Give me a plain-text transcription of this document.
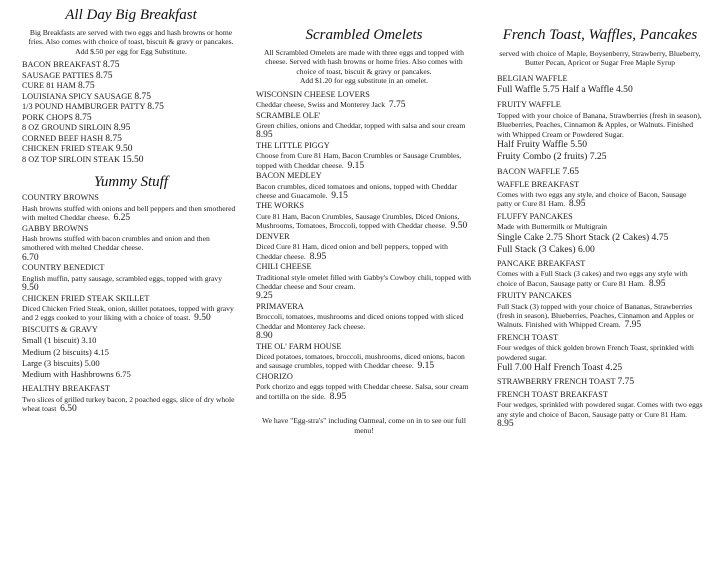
All Day Big Breakfast

Big Breakfasts are served with two eggs and hash browns or home fries. Also comes with choice of toast, biscuit & gravy or pancakes. Add $.50 per egg for Egg Substitute.

BACON BREAKFAST 8.75
SAUSAGE PATTIES 8.75
CURE 81 HAM 8.75
LOUISIANA SPICY SAUSAGE 8.75
1/3 POUND HAMBURGER PATTY 8.75
PORK CHOPS 8.75
8 OZ GROUND SIRLOIN 8.95
CORNED BEEF HASH 8.75
CHICKEN FRIED STEAK 9.50
8 OZ TOP SIRLOIN STEAK 15.50
Yummy Stuff
COUNTRY BROWNS
Hash browns stuffed with onions and bell peppers and then smothered with melted Cheddar cheese. 6.25
GABBY BROWNS
Hash browns stuffed with bacon crumbles and onion and then smothered with melted Cheddar cheese.
6.70
COUNTRY BENEDICT
English muffin, patty sausage, scrambled eggs, topped with gravy  9.50
CHICKEN FRIED STEAK SKILLET
Diced Chicken Fried Steak, onion, skillet potatoes, topped with gravy and 2 eggs cooked to your liking with a choice of toast. 9.50
BISCUITS & GRAVY
Small (1 biscuit) 3.10
Medium (2 biscuits) 4.15
Large (3 biscuits) 5.00
Medium with Hashbrowns 6.75
HEALTHY BREAKFAST
Two slices of grilled turkey bacon, 2 poached eggs, slice of dry whole wheat toast 6.50
Scrambled Omelets

All Scrambled Omelets are made with three eggs and topped with cheese. Served with hash browns or home fries. Also comes with choice of toast, biscuit & gravy or pancakes.
Add $1.20 for egg substitute in an omelet.

WISCONSIN CHEESE LOVERS
Cheddar cheese, Swiss and Monterey Jack 7.75
SCRAMBLE OLE'
Green chilies, onions and Cheddar, topped with salsa and sour cream  8.95
THE LITTLE PIGGY
Choose from Cure 81 Ham, Bacon Crumbles or Sausage Crumbles, topped with Cheddar cheese. 9.15
BACON MEDLEY
Bacon crumbles, diced tomatoes and onions, topped with Cheddar cheese and Guacamole. 9.15
THE WORKS
Cure 81 Ham, Bacon Crumbles, Sausage Crumbles, Diced Onions, Mushrooms, Tomatoes, Broccoli, topped with Cheddar cheese. 9.50
DENVER
Diced Cure 81 Ham, diced onion and bell peppers, topped with Cheddar cheese. 8.95
CHILI CHEESE
Traditional style omelet filled with Gabby's Cowboy chili, topped with Cheddar cheese and Sour cream.
9.25
PRIMAVERA
Broccoli, tomatoes, mushrooms and diced onions topped with sliced Cheddar and Monterey Jack cheese.
8.90
THE OL' FARM HOUSE
Diced potatoes, tomatoes, broccoli, mushrooms, diced onions, bacon and sausage crumbles, topped with Cheddar cheese. 9.15
CHORIZO
Pork chorizo and eggs topped with Cheddar cheese. Salsa, sour cream and tortilla on the side. 8.95

We have "Egg-stra's" including Oatmeal, come on in to see our full menu!

French Toast, Waffles, Pancakes

served with choice of Maple, Boysenberry, Strawberry, Blueberry, Butter Pecan, Apricot or Sugar Free Maple Syrup

BELGIAN WAFFLE
Full Waffle 5.75 Half a Waffle 4.50
FRUITY WAFFLE
Topped with your choice of Banana, Strawberries (fresh in season), Blueberries, Peaches, Cinnamon & Apples, or Walnuts. Finished with Whipped Cream or Powdered Sugar.
Half Fruity Waffle 5.50
Fruity Combo (2 fruits) 7.25
BACON WAFFLE 7.65
WAFFLE BREAKFAST
Comes with two eggs any style, and choice of Bacon, Sausage patty or Cure 81 Ham. 8.95
FLUFFY PANCAKES
Made with Buttermilk or Multigrain
Single Cake 2.75 Short Stack (2 Cakes) 4.75
Full Stack (3 Cakes) 6.00
PANCAKE BREAKFAST
Comes with a Full Stack (3 cakes) and two eggs any style with choice of Bacon, Sausage patty or Cure 81 Ham. 8.95
FRUITY PANCAKES
Full Stack (3) topped with your choice of Bananas, Strawberries (fresh in season), Blueberries, Peaches, Cinnamon and Apples or Walnuts. Finished with Whipped Cream. 7.95
FRENCH TOAST
Four wedges of thick golden brown French Toast, sprinkled with powdered sugar.
Full 7.00 Half French Toast 4.25
STRAWBERRY FRENCH TOAST 7.75
FRENCH TOAST BREAKFAST
Four wedges, sprinkled with powdered sugar. Comes with two eggs any style and choice of Bacon, Sausage patty or Cure 81 Ham.  8.95
